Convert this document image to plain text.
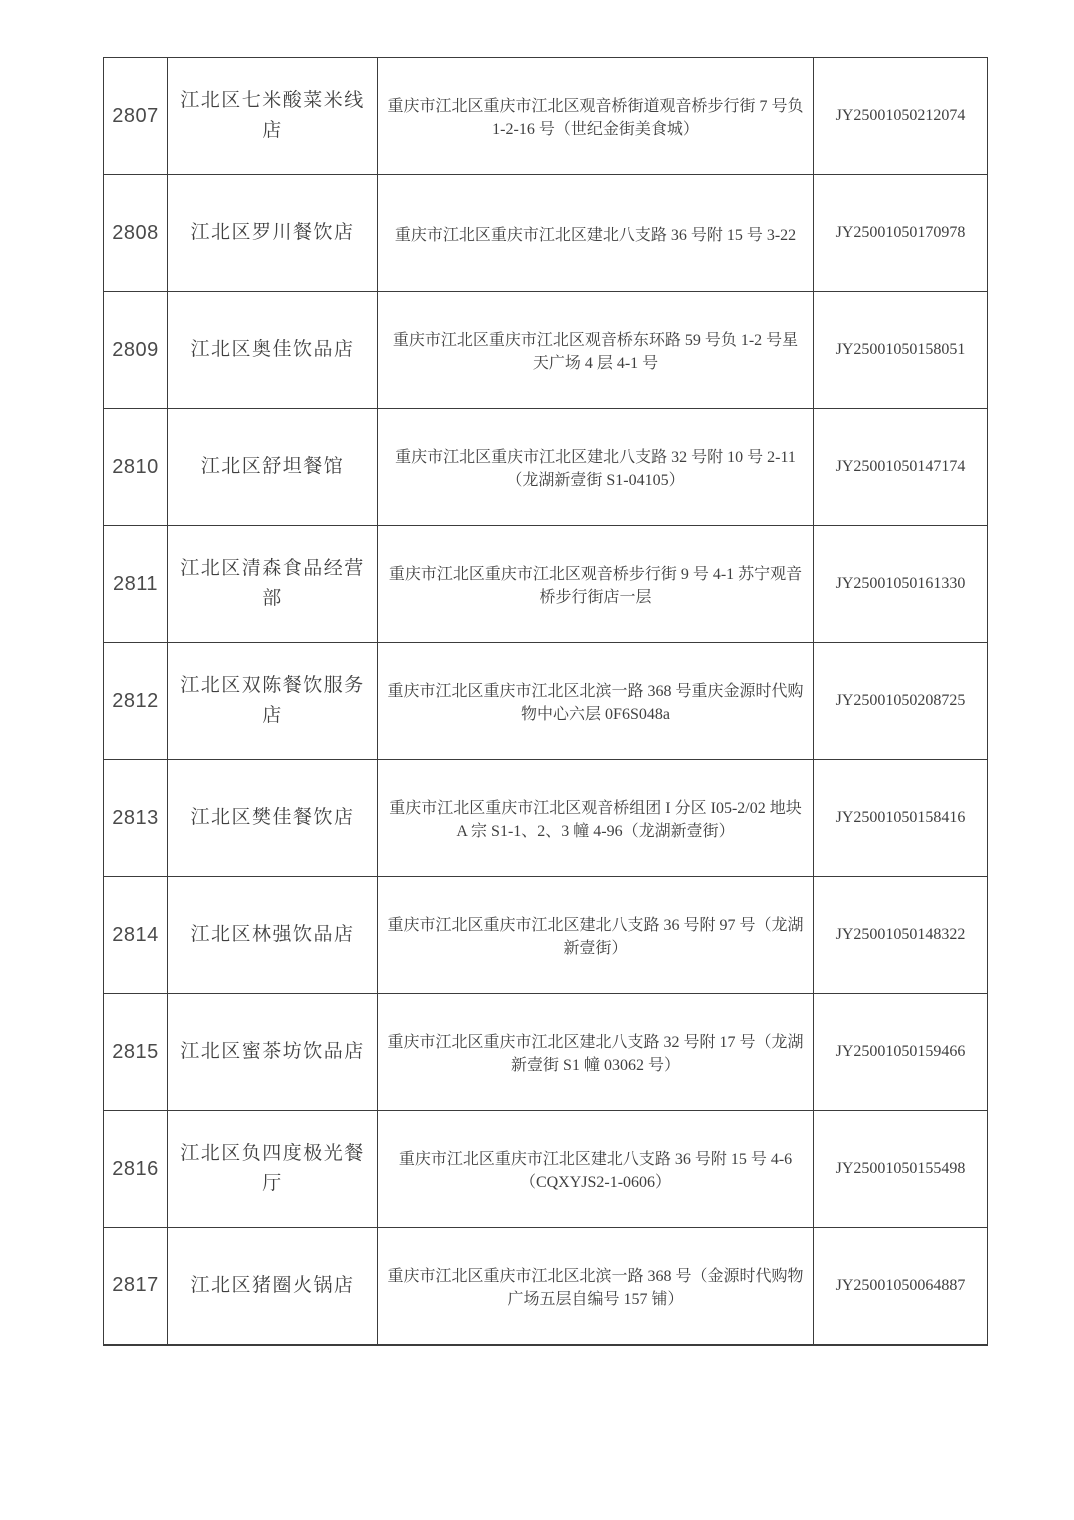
2807	江北区七米酸菜米线店	重庆市江北区重庆市江北区观音桥街道观音桥步行街 7 号负 1-2-16 号（世纪金街美食城）	JY25001050212074
2808	江北区罗川餐饮店	重庆市江北区重庆市江北区建北八支路 36 号附 15 号 3-22	JY25001050170978
2809	江北区奥佳饮品店	重庆市江北区重庆市江北区观音桥东环路 59 号负 1-2 号星天广场 4 层 4-1 号	JY25001050158051
2810	江北区舒坦餐馆	重庆市江北区重庆市江北区建北八支路 32 号附 10 号 2-11（龙湖新壹街 S1-04105）	JY25001050147174
2811	江北区清森食品经营部	重庆市江北区重庆市江北区观音桥步行街 9 号 4-1 苏宁观音桥步行街店一层	JY25001050161330
2812	江北区双陈餐饮服务店	重庆市江北区重庆市江北区北滨一路 368 号重庆金源时代购物中心六层 0F6S048a	JY25001050208725
2813	江北区樊佳餐饮店	重庆市江北区重庆市江北区观音桥组团 I 分区 I05-2/02 地块 A 宗 S1-1、2、3 幢 4-96（龙湖新壹街）	JY25001050158416
2814	江北区林强饮品店	重庆市江北区重庆市江北区建北八支路 36 号附 97 号（龙湖新壹街）	JY25001050148322
2815	江北区蜜茶坊饮品店	重庆市江北区重庆市江北区建北八支路 32 号附 17 号（龙湖新壹街 S1 幢 03062 号）	JY25001050159466
2816	江北区负四度极光餐厅	重庆市江北区重庆市江北区建北八支路 36 号附 15 号 4-6（CQXYJS2-1-0606）	JY25001050155498
2817	江北区猪圈火锅店	重庆市江北区重庆市江北区北滨一路 368 号（金源时代购物广场五层自编号 157 铺）	JY25001050064887
